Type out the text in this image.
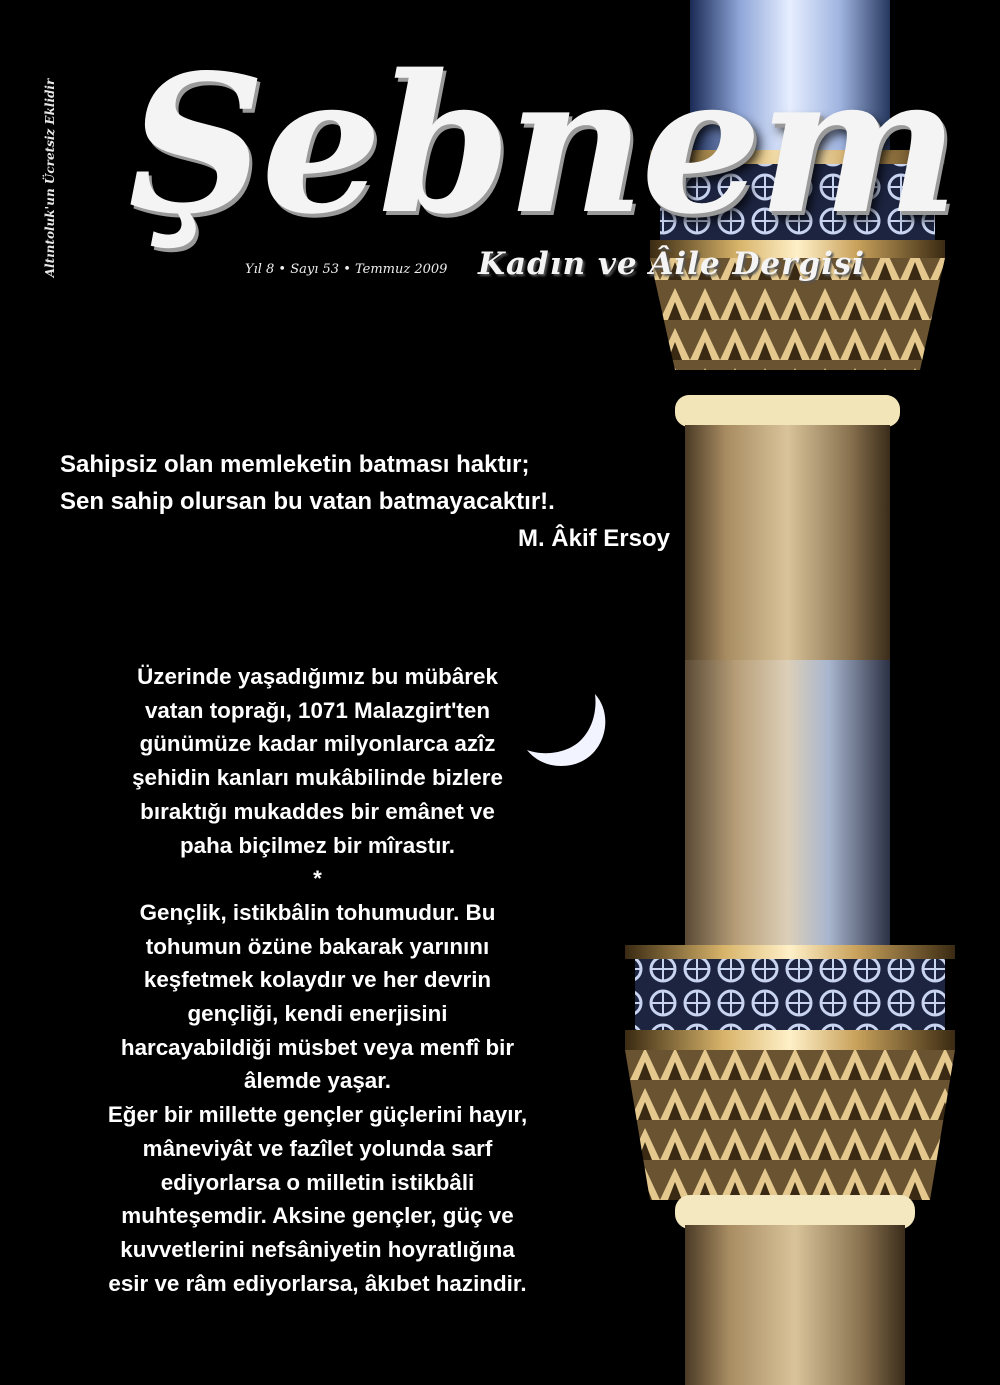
Altıntoluk'un Ücretsiz Eklidir Şebnem
Yıl 8 • Sayı 53 • Temmuz 2009 Kadın ve Âile Dergisi
Sahipsiz olan memleketin batması haktır;
Sen sahip olursan bu vatan batmayacaktır!.
M. Âkif Ersoy
Üzerinde yaşadığımız bu mübârek
vatan toprağı, 1071 Malazgirt'ten
günümüze kadar milyonlarca azîz
şehidin kanları mukâbilinde bizlere
bıraktığı mukaddes bir emânet ve
paha biçilmez bir mîrastır.
*
Gençlik, istikbâlin tohumudur. Bu
tohumun özüne bakarak yarınını
keşfetmek kolaydır ve her devrin
gençliği, kendi enerjisini
harcayabildiği müsbet veya menfî bir
âlemde yaşar.
Eğer bir millette gençler güçlerini hayır,
mâneviyât ve fazîlet yolunda sarf
ediyorlarsa o milletin istikbâli
muhteşemdir. Aksine gençler, güç ve
kuvvetlerini nefsâniyetin hoyratlığına
esir ve râm ediyorlarsa, âkıbet hazindir.
